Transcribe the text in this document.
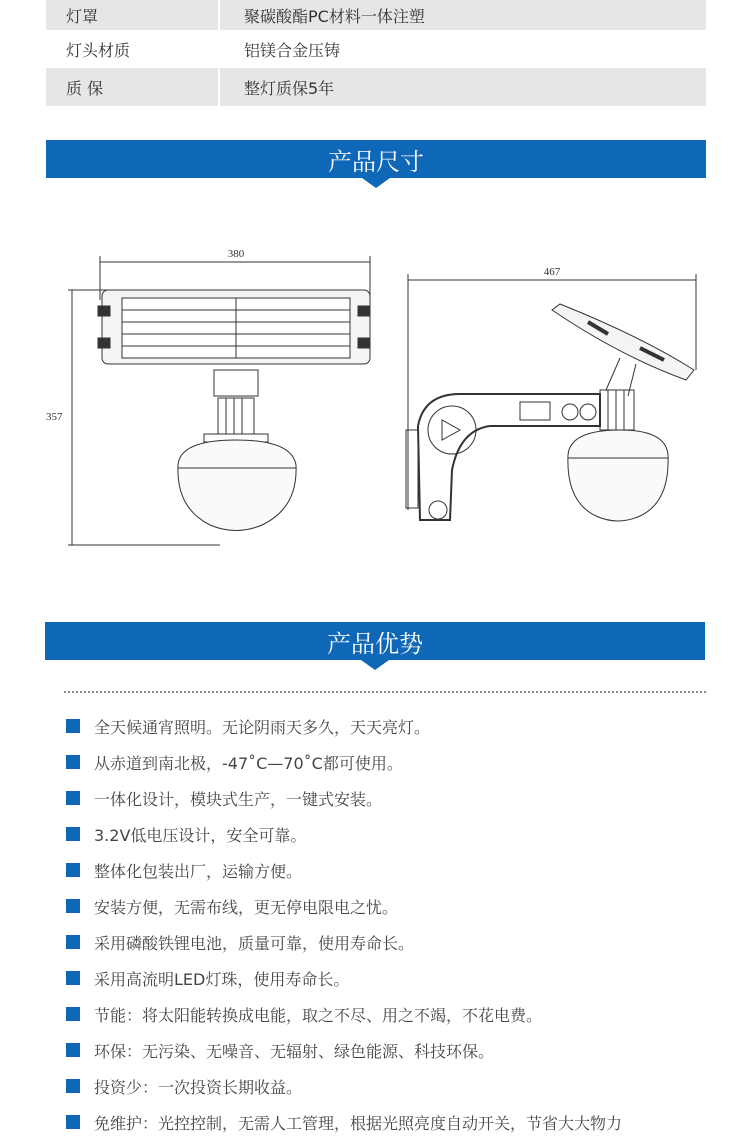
灯罩	聚碳酸酯PC材料一体注塑
灯头材质	铝镁合金压铸
质 保	整灯质保5年
产品尺寸
380
357
467
产品优势
全天候通宵照明。无论阴雨天多久，天天亮灯。
从赤道到南北极，-47˚C—70˚C都可使用。
一体化设计，模块式生产，一键式安装。
3.2V低电压设计，安全可靠。
整体化包装出厂，运输方便。
安装方便，无需布线，更无停电限电之忧。
采用磷酸铁锂电池，质量可靠，使用寿命长。
采用高流明LED灯珠，使用寿命长。
节能：将太阳能转换成电能，取之不尽、用之不竭，不花电费。
环保：无污染、无噪音、无辐射、绿色能源、科技环保。
投资少：一次投资长期收益。
免维护：光控控制，无需人工管理，根据光照亮度自动开关，节省大大物力
